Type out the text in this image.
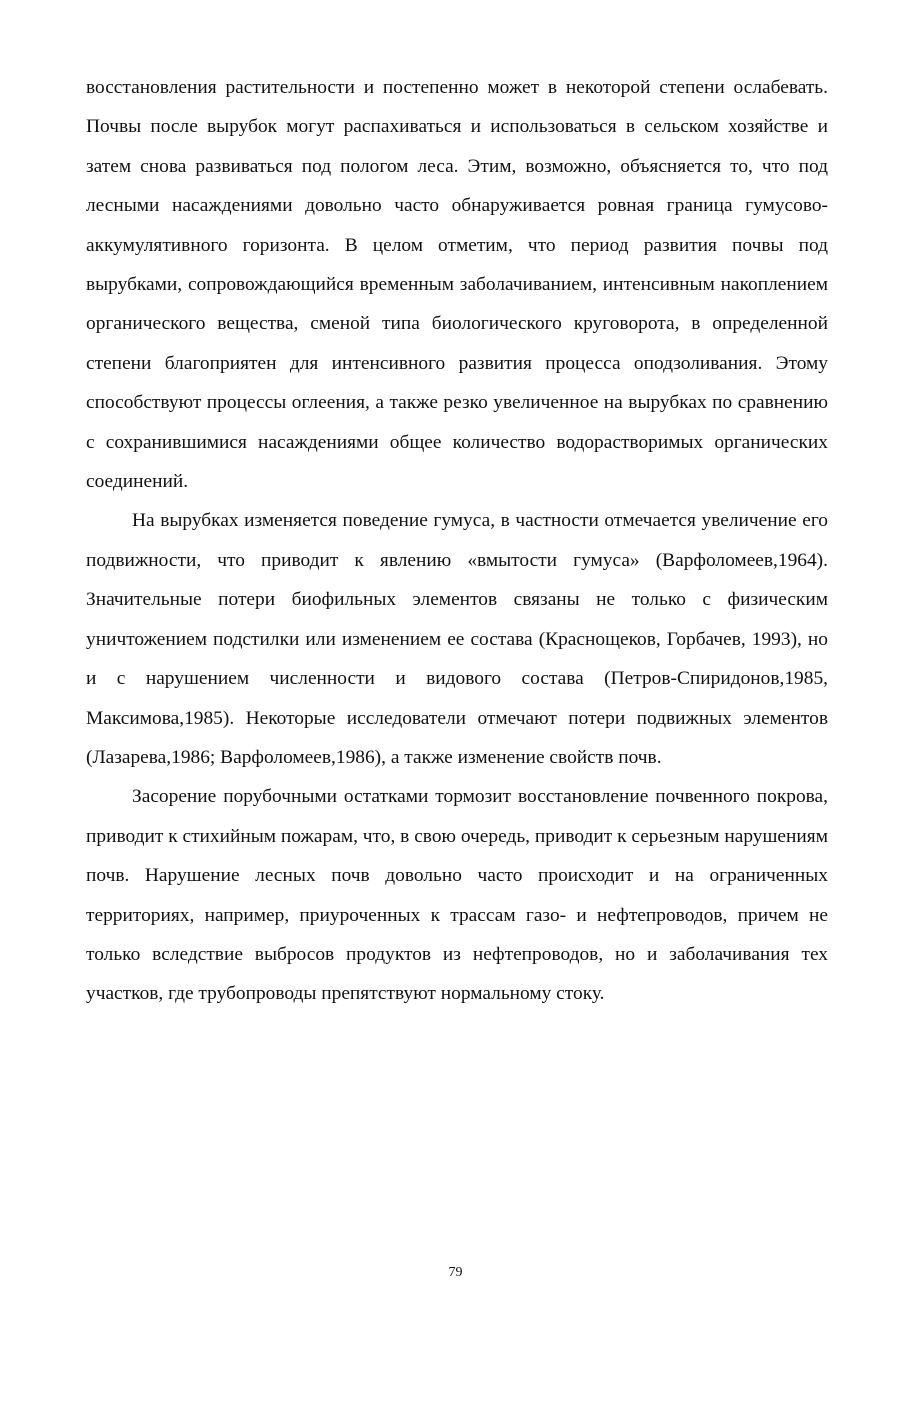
восстановления растительности и постепенно может в некоторой степени ослабевать. Почвы после вырубок могут распахиваться и использоваться в сельском хозяйстве и затем снова развиваться под пологом леса. Этим, возможно, объясняется то, что под лесными насаждениями довольно часто обнаруживается ровная граница гумусово-аккумулятивного горизонта. В целом отметим, что период развития почвы под вырубками, сопровождающийся временным заболачиванием, интенсивным накоплением органического вещества, сменой типа биологического круговорота, в определенной степени благоприятен для интенсивного развития процесса оподзоливания. Этому способствуют процессы оглеения, а также резко увеличенное на вырубках по сравнению с сохранившимися насаждениями общее количество водорастворимых органических соединений.

На вырубках изменяется поведение гумуса, в частности отмечается увеличение его подвижности, что приводит к явлению «вмытости гумуса» (Варфоломеев,1964). Значительные потери биофильных элементов связаны не только с физическим уничтожением подстилки или изменением ее состава (Краснощеков, Горбачев, 1993), но и с нарушением численности и видового состава (Петров-Спиридонов,1985, Максимова,1985). Некоторые исследователи отмечают потери подвижных элементов (Лазарева,1986; Варфоломеев,1986), а также изменение свойств почв.

Засорение порубочными остатками тормозит восстановление почвенного покрова, приводит к стихийным пожарам, что, в свою очередь, приводит к серьезным нарушениям почв. Нарушение лесных почв довольно часто происходит и на ограниченных территориях, например, приуроченных к трассам газо- и нефтепроводов, причем не только вследствие выбросов продуктов из нефтепроводов, но и заболачивания тех участков, где трубопроводы препятствуют нормальному стоку.

79
